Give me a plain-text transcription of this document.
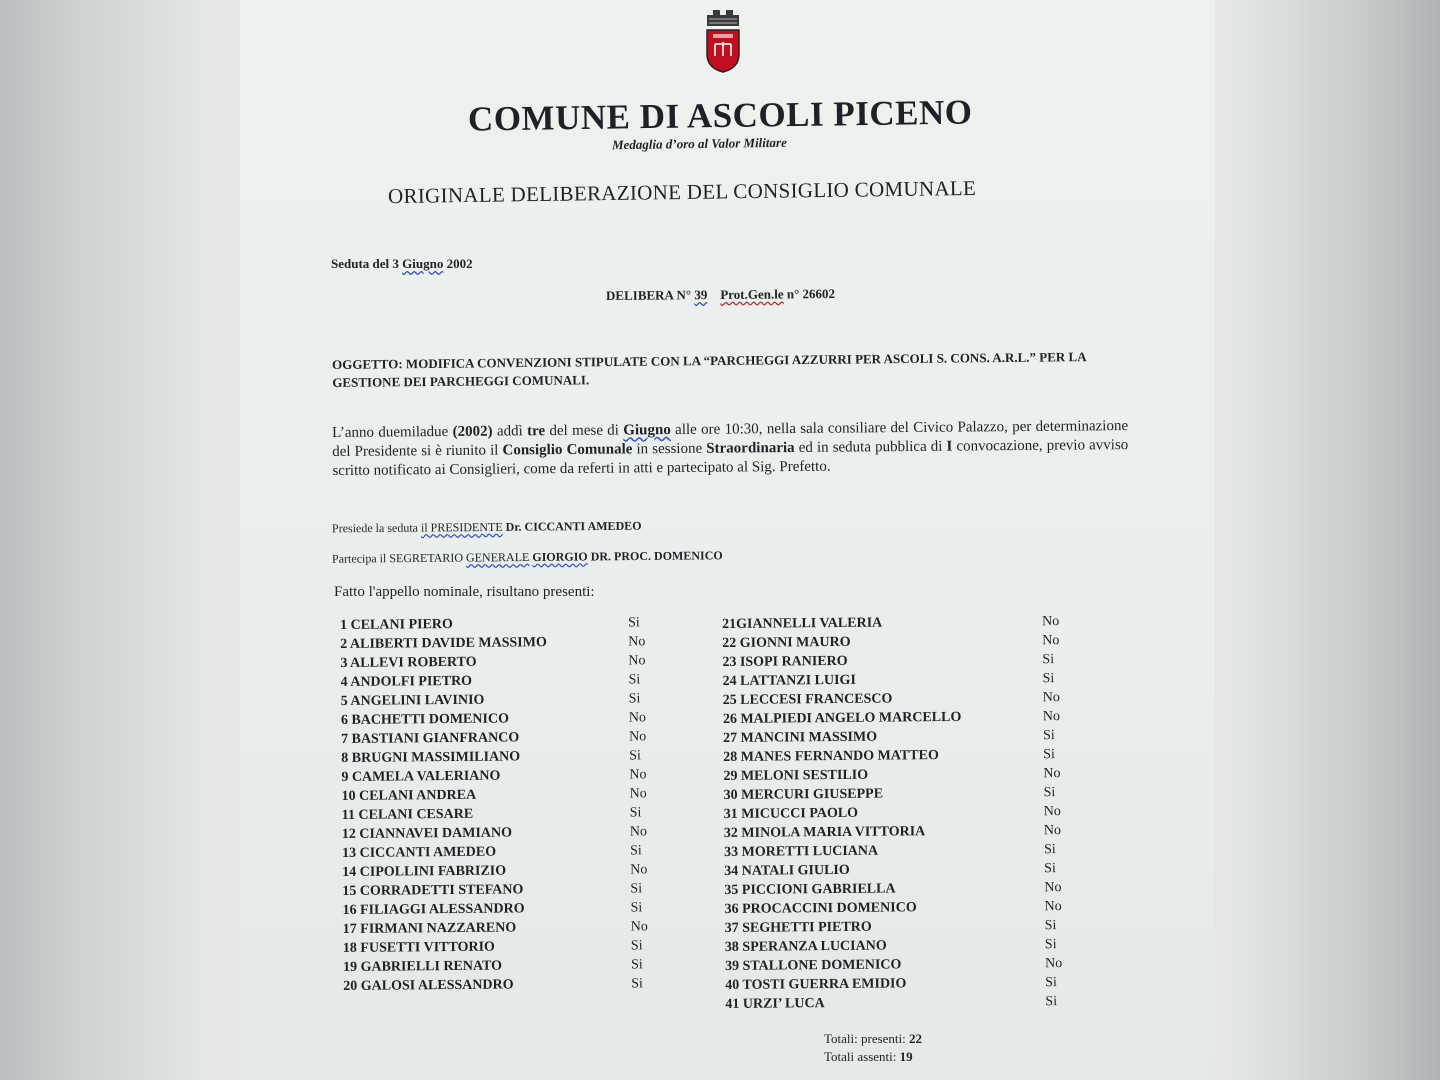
COMUNE DI ASCOLI PICENO
Medaglia d’oro al Valor Militare
ORIGINALE DELIBERAZIONE DEL CONSIGLIO COMUNALE
Seduta del 3 Giugno 2002
DELIBERA N° 39 Prot.Gen.le n° 26602
OGGETTO: MODIFICA CONVENZIONI STIPULATE CON LA “PARCHEGGI AZZURRI PER ASCOLI S. CONS. A.R.L.” PER LA GESTIONE DEI PARCHEGGI COMUNALI.
L’anno duemiladue (2002) addì tre del mese di Giugno alle ore 10:30, nella sala consiliare del Civico Palazzo, per determinazione del Presidente si è riunito il Consiglio Comunale in sessione Straordinaria ed in seduta pubblica di I convocazione, previo avviso scritto notificato ai Consiglieri, come da referti in atti e partecipato al Sig. Prefetto.
Presiede la seduta il PRESIDENTE Dr. CICCANTI AMEDEO
Partecipa il SEGRETARIO GENERALE GIORGIO DR. PROC. DOMENICO
Fatto l'appello nominale, risultano presenti:
1 CELANI PIERO	Si
2 ALIBERTI DAVIDE MASSIMO	No
3 ALLEVI ROBERTO	No
4 ANDOLFI PIETRO	Si
5 ANGELINI LAVINIO	Si
6 BACHETTI DOMENICO	No
7 BASTIANI GIANFRANCO	No
8 BRUGNI MASSIMILIANO	Si
9 CAMELA VALERIANO	No
10 CELANI ANDREA	No
11 CELANI CESARE	Si
12 CIANNAVEI DAMIANO	No
13 CICCANTI AMEDEO	Si
14 CIPOLLINI FABRIZIO	No
15 CORRADETTI STEFANO	Si
16 FILIAGGI ALESSANDRO	Si
17 FIRMANI NAZZARENO	No
18 FUSETTI VITTORIO	Si
19 GABRIELLI RENATO	Si
20 GALOSI ALESSANDRO	Si
21GIANNELLI VALERIA	No
22 GIONNI MAURO	No
23 ISOPI RANIERO	Si
24 LATTANZI LUIGI	Si
25 LECCESI FRANCESCO	No
26 MALPIEDI ANGELO MARCELLO	No
27 MANCINI MASSIMO	Si
28 MANES FERNANDO MATTEO	Si
29 MELONI SESTILIO	No
30 MERCURI GIUSEPPE	Si
31 MICUCCI PAOLO	No
32 MINOLA MARIA VITTORIA	No
33 MORETTI LUCIANA	Si
34 NATALI GIULIO	Si
35 PICCIONI GABRIELLA	No
36 PROCACCINI DOMENICO	No
37 SEGHETTI PIETRO	Si
38 SPERANZA LUCIANO	Si
39 STALLONE DOMENICO	No
40 TOSTI GUERRA EMIDIO	Si
41 URZI’ LUCA	Si
Totali: presenti: 22
Totali assenti: 19
